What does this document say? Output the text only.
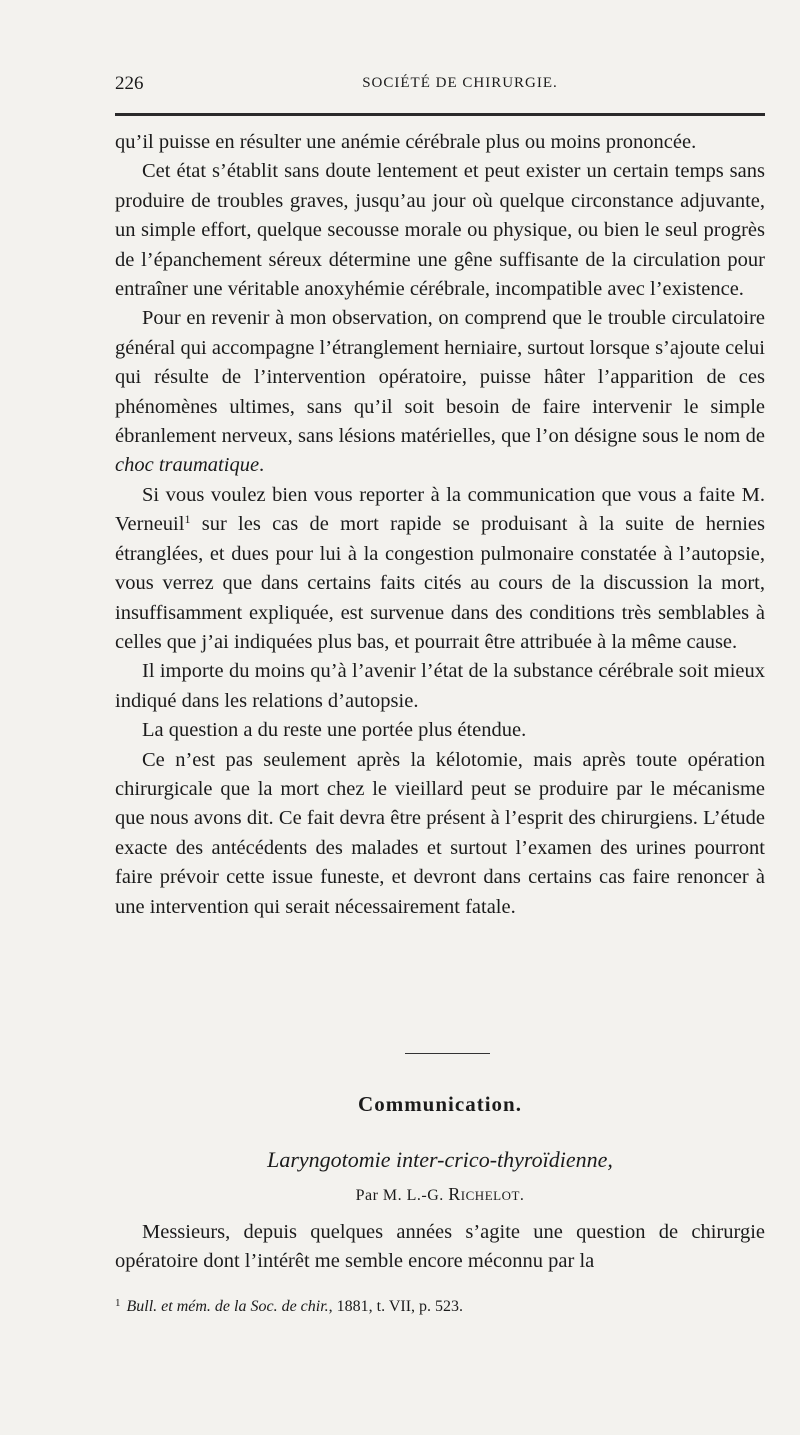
226	SOCIÉTÉ DE CHIRURGIE.

qu’il puisse en résulter une anémie cérébrale plus ou moins prononcée.

Cet état s’établit sans doute lentement et peut exister un certain temps sans produire de troubles graves, jusqu’au jour où quelque circonstance adjuvante, un simple effort, quelque secousse morale ou physique, ou bien le seul progrès de l’épanchement séreux détermine une gêne suffisante de la circulation pour entraîner une véritable anoxyhémie cérébrale, incompatible avec l’existence.

Pour en revenir à mon observation, on comprend que le trouble circulatoire général qui accompagne l’étranglement herniaire, surtout lorsque s’ajoute celui qui résulte de l’intervention opératoire, puisse hâter l’apparition de ces phénomènes ultimes, sans qu’il soit besoin de faire intervenir le simple ébranlement nerveux, sans lésions matérielles, que l’on désigne sous le nom de choc traumatique.

Si vous voulez bien vous reporter à la communication que vous a faite M. Verneuil$^1$ sur les cas de mort rapide se produisant à la suite de hernies étranglées, et dues pour lui à la congestion pulmonaire constatée à l’autopsie, vous verrez que dans certains faits cités au cours de la discussion la mort, insuffisamment expliquée, est survenue dans des conditions très semblables à celles que j’ai indiquées plus bas, et pourrait être attribuée à la même cause.

Il importe du moins qu’à l’avenir l’état de la substance cérébrale soit mieux indiqué dans les relations d’autopsie.

La question a du reste une portée plus étendue.

Ce n’est pas seulement après la kélotomie, mais après toute opération chirurgicale que la mort chez le vieillard peut se produire par le mécanisme que nous avons dit. Ce fait devra être présent à l’esprit des chirurgiens. L’étude exacte des antécédents des malades et surtout l’examen des urines pourront faire prévoir cette issue funeste, et devront dans certains cas faire renoncer à une intervention qui serait nécessairement fatale.

Communication.
Laryngotomie inter-crico-thyroïdienne,
Par M. L.-G. Richelot.
Messieurs, depuis quelques années s’agite une question de chirurgie opératoire dont l’intérêt me semble encore méconnu par la
$^1$ Bull. et mém. de la Soc. de chir., 1881, t. VII, p. 523.
